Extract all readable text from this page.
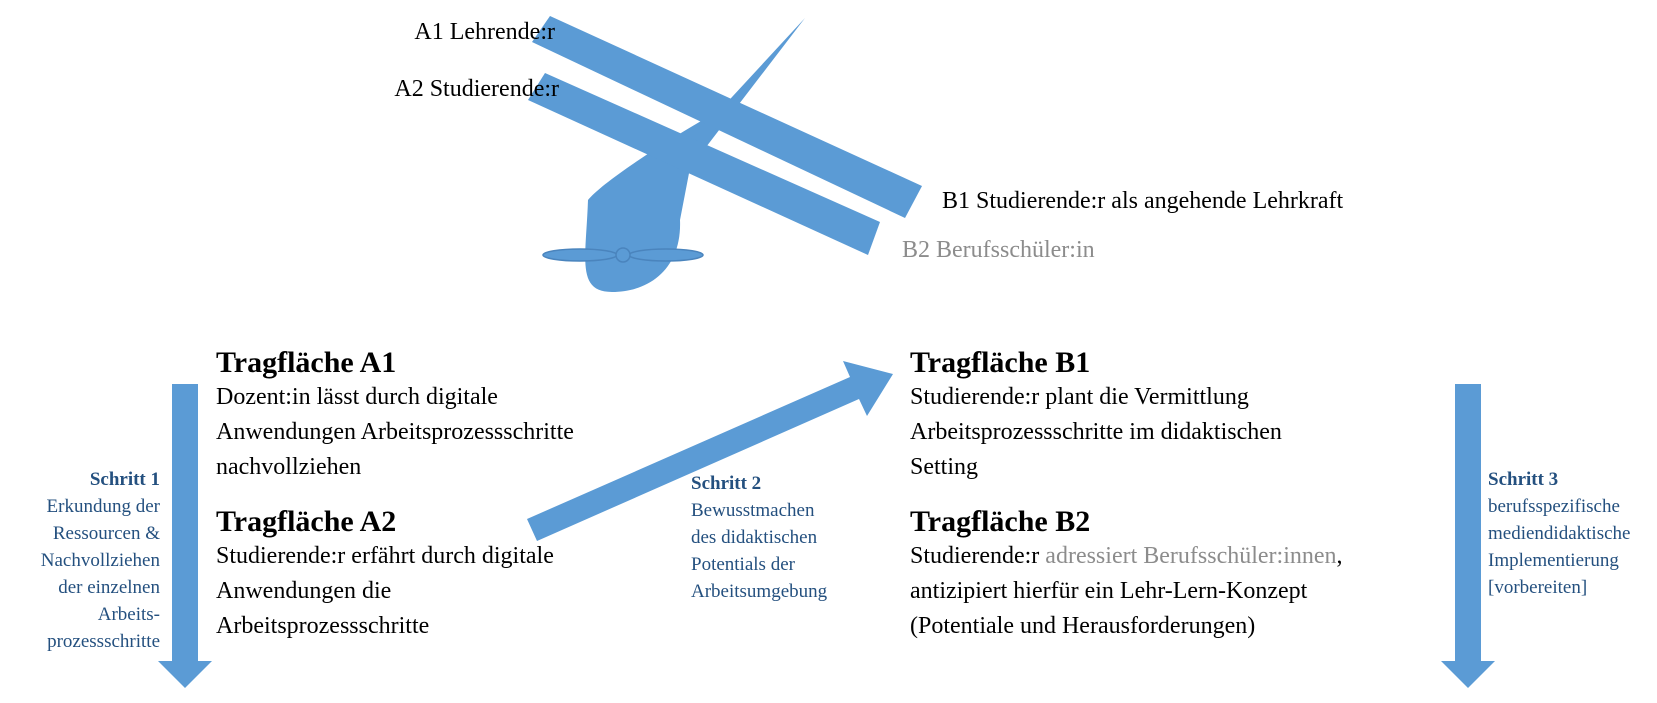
A1 Lehrende:r
A2 Studierende:r
B1 Studierende:r als angehende Lehrkraft
B2 Berufsschüler:in
Tragfläche A1
Dozent:in lässt durch digitale
Anwendungen Arbeitsprozessschritte
nachvollziehen
Tragfläche A2
Studierende:r erfährt durch digitale
Anwendungen die
Arbeitsprozessschritte
Tragfläche B1
Studierende:r plant die Vermittlung
Arbeitsprozessschritte im didaktischen
Setting
Tragfläche B2
Studierende:r adressiert Berufsschüler:innen,
antizipiert hierfür ein Lehr-Lern-Konzept
(Potentiale und Herausforderungen)
Schritt 1
Erkundung der
Ressourcen &
Nachvollziehen
der einzelnen
Arbeits-
prozessschritte
Schritt 2
Bewusstmachen
des didaktischen
Potentials der
Arbeitsumgebung
Schritt 3
berufsspezifische
mediendidaktische
Implementierung
[vorbereiten]
